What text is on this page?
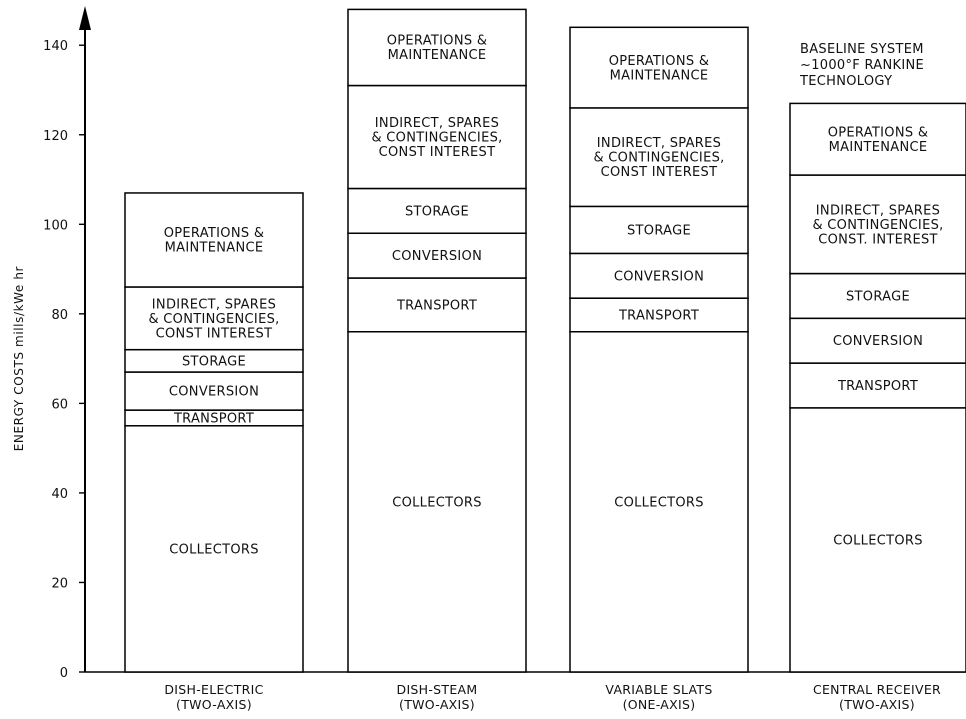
0
20
40
60
80
100
120
140
ENERGY COSTS mills/kWe hr
COLLECTORS
TRANSPORT
CONVERSION
STORAGE
INDIRECT, SPARES
& CONTINGENCIES,
CONST INTEREST
OPERATIONS &
MAINTENANCE
COLLECTORS
TRANSPORT
CONVERSION
STORAGE
INDIRECT, SPARES
& CONTINGENCIES,
CONST INTEREST
OPERATIONS &
MAINTENANCE
COLLECTORS
TRANSPORT
CONVERSION
STORAGE
INDIRECT, SPARES
& CONTINGENCIES,
CONST INTEREST
OPERATIONS &
MAINTENANCE
COLLECTORS
TRANSPORT
CONVERSION
STORAGE
INDIRECT, SPARES
& CONTINGENCIES,
CONST. INTEREST
OPERATIONS &
MAINTENANCE
DISH-ELECTRIC
(TWO-AXIS)
DISH-STEAM
(TWO-AXIS)
VARIABLE SLATS
(ONE-AXIS)
CENTRAL RECEIVER
(TWO-AXIS)
BASELINE SYSTEM
~1000°F RANKINE
TECHNOLOGY
